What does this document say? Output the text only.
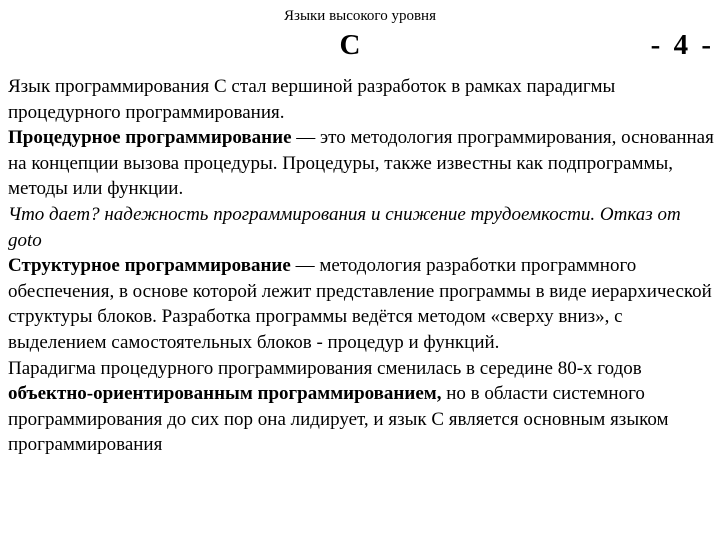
Языки высокого уровня
C	- 4 -

Язык программирования С стал вершиной разработок в рамках парадигмы процедурного программирования.

Процедурное программирование — это методология программирования, основанная на концепции вызова процедуры. Процедуры, также известны как подпрограммы, методы или функции.

Что дает? надежность программирования и снижение трудоемкости. Отказ от goto

Структурное программирование — методология разработки программного обеспечения, в основе которой лежит представление программы в виде иерархической структуры блоков. Разработка программы ведётся методом «сверху вниз», с выделением самостоятельных блоков - процедур и функций.

Парадигма процедурного программирования сменилась в середине 80-х годов объектно-ориентированным программированием, но в области системного программирования до сих пор она лидирует, и язык С является основным языком программирования
